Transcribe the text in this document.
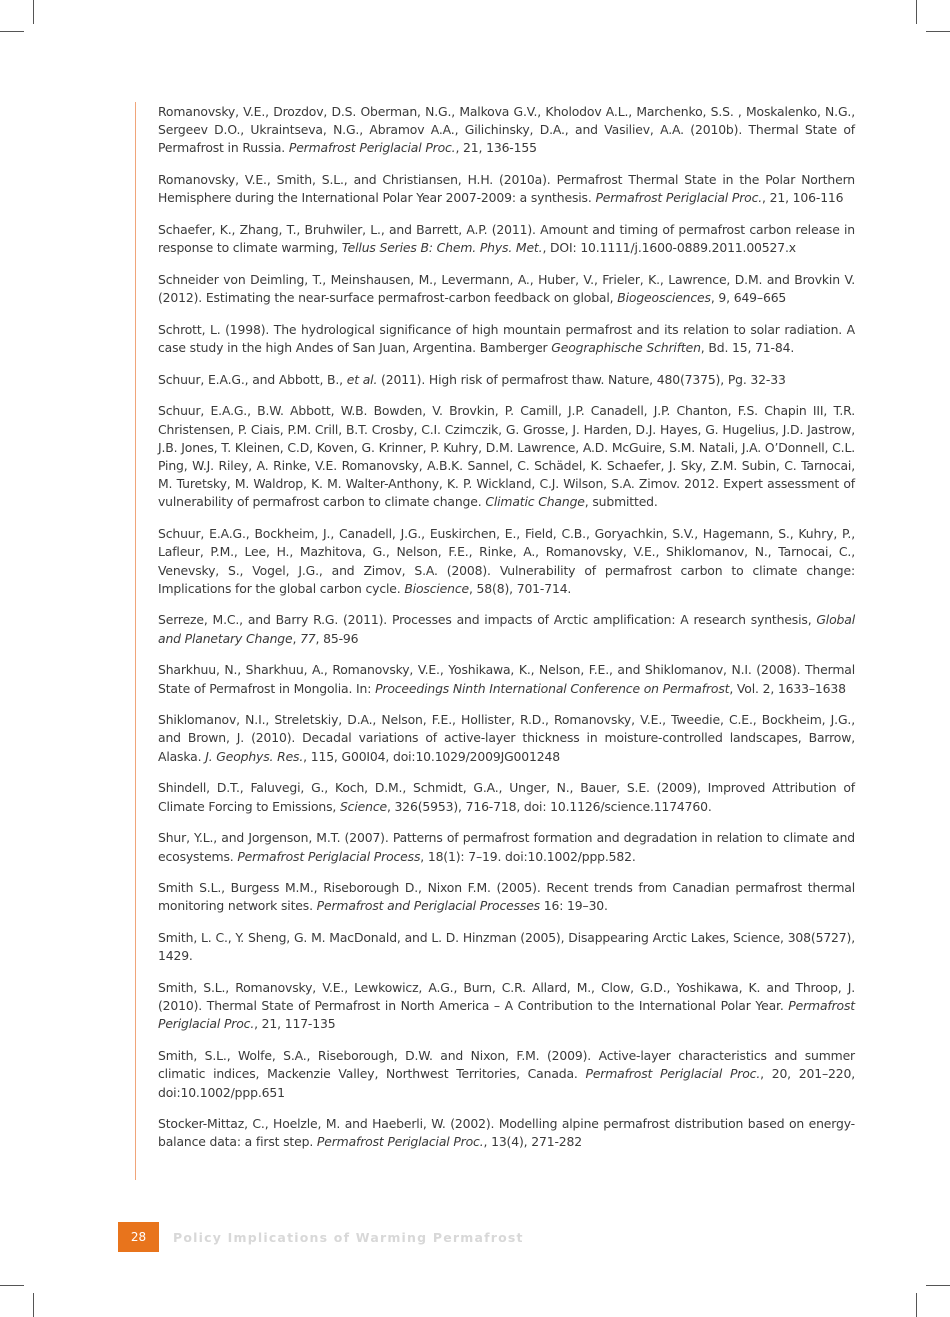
Romanovsky, V.E., Drozdov, D.S. Oberman, N.G., Malkova G.V., Kholodov A.L., Marchenko, S.S. , Moskalenko, N.G., Sergeev D.O., Ukraintseva, N.G., Abramov A.A., Gilichinsky, D.A., and Vasiliev, A.A. (2010b). Thermal State of Permafrost in Russia. Permafrost Periglacial Proc., 21, 136-155

Romanovsky, V.E., Smith, S.L., and Christiansen, H.H. (2010a). Permafrost Thermal State in the Polar Northern Hemisphere during the International Polar Year 2007-2009: a synthesis. Permafrost Periglacial Proc., 21, 106-116

Schaefer, K., Zhang, T., Bruhwiler, L., and Barrett, A.P. (2011). Amount and timing of permafrost carbon release in response to climate warming, Tellus Series B: Chem. Phys. Met., DOI: 10.1111/j.1600-0889.2011.00527.x

Schneider von Deimling, T., Meinshausen, M., Levermann, A., Huber, V., Frieler, K., Lawrence, D.M. and Brovkin V. (2012). Estimating the near-surface permafrost-carbon feedback on global, Biogeosciences, 9, 649–665

Schrott, L. (1998). The hydrological significance of high mountain permafrost and its relation to solar radiation. A case study in the high Andes of San Juan, Argentina. Bamberger Geographische Schriften, Bd. 15, 71-84.

Schuur, E.A.G., and Abbott, B., et al. (2011). High risk of permafrost thaw. Nature, 480(7375), Pg. 32-33

Schuur, E.A.G., B.W. Abbott, W.B. Bowden, V. Brovkin, P. Camill, J.P. Canadell, J.P. Chanton, F.S. Chapin III, T.R. Christensen, P. Ciais, P.M. Crill, B.T. Crosby, C.I. Czimczik, G. Grosse, J. Harden, D.J. Hayes, G. Hugelius, J.D. Jastrow, J.B. Jones, T. Kleinen, C.D, Koven, G. Krinner, P. Kuhry, D.M. Lawrence, A.D. McGuire, S.M. Natali, J.A. O’Donnell, C.L. Ping, W.J. Riley, A. Rinke, V.E. Romanovsky, A.B.K. Sannel, C. Schädel, K. Schaefer, J. Sky, Z.M. Subin, C. Tarnocai, M. Turetsky, M. Waldrop, K. M. Walter-Anthony, K. P. Wickland, C.J. Wilson, S.A. Zimov. 2012. Expert assessment of vulnerability of permafrost carbon to climate change. Climatic Change, submitted.

Schuur, E.A.G., Bockheim, J., Canadell, J.G., Euskirchen, E., Field, C.B., Goryachkin, S.V., Hagemann, S., Kuhry, P., Lafleur, P.M., Lee, H., Mazhitova, G., Nelson, F.E., Rinke, A., Romanovsky, V.E., Shiklomanov, N., Tarnocai, C., Venevsky, S., Vogel, J.G., and Zimov, S.A. (2008). Vulnerability of permafrost carbon to climate change: Implications for the global carbon cycle. Bioscience, 58(8), 701-714.

Serreze, M.C., and Barry R.G. (2011). Processes and impacts of Arctic amplification: A research synthesis, Global and Planetary Change, 77, 85-96

Sharkhuu, N., Sharkhuu, A., Romanovsky, V.E., Yoshikawa, K., Nelson, F.E., and Shiklomanov, N.I. (2008). Thermal State of Permafrost in Mongolia. In: Proceedings Ninth International Conference on Permafrost, Vol. 2, 1633–1638

Shiklomanov, N.I., Streletskiy, D.A., Nelson, F.E., Hollister, R.D., Romanovsky, V.E., Tweedie, C.E., Bockheim, J.G., and Brown, J. (2010). Decadal variations of active-layer thickness in moisture-controlled landscapes, Barrow, Alaska. J. Geophys. Res., 115, G00I04, doi:10.1029/2009JG001248

Shindell, D.T., Faluvegi, G., Koch, D.M., Schmidt, G.A., Unger, N., Bauer, S.E. (2009), Improved Attribution of Climate Forcing to Emissions, Science, 326(5953), 716-718, doi: 10.1126/science.1174760.

Shur, Y.L., and Jorgenson, M.T. (2007). Patterns of permafrost formation and degradation in relation to climate and ecosystems. Permafrost Periglacial Process, 18(1): 7–19. doi:10.1002/ppp.582.

Smith S.L., Burgess M.M., Riseborough D., Nixon F.M. (2005). Recent trends from Canadian permafrost thermal monitoring network sites. Permafrost and Periglacial Processes 16: 19–30.

Smith, L. C., Y. Sheng, G. M. MacDonald, and L. D. Hinzman (2005), Disappearing Arctic Lakes, Science, 308(5727), 1429.

Smith, S.L., Romanovsky, V.E., Lewkowicz, A.G., Burn, C.R. Allard, M., Clow, G.D., Yoshikawa, K. and Throop, J. (2010). Thermal State of Permafrost in North America – A Contribution to the International Polar Year. Permafrost Periglacial Proc., 21, 117-135

Smith, S.L., Wolfe, S.A., Riseborough, D.W. and Nixon, F.M. (2009). Active-layer characteristics and summer climatic indices, Mackenzie Valley, Northwest Territories, Canada. Permafrost Periglacial Proc., 20, 201–220, doi:10.1002/ppp.651

Stocker-Mittaz, C., Hoelzle, M. and Haeberli, W. (2002). Modelling alpine permafrost distribution based on energy-balance data: a first step. Permafrost Periglacial Proc., 13(4), 271-282

28	Policy Implications of Warming Permafrost
